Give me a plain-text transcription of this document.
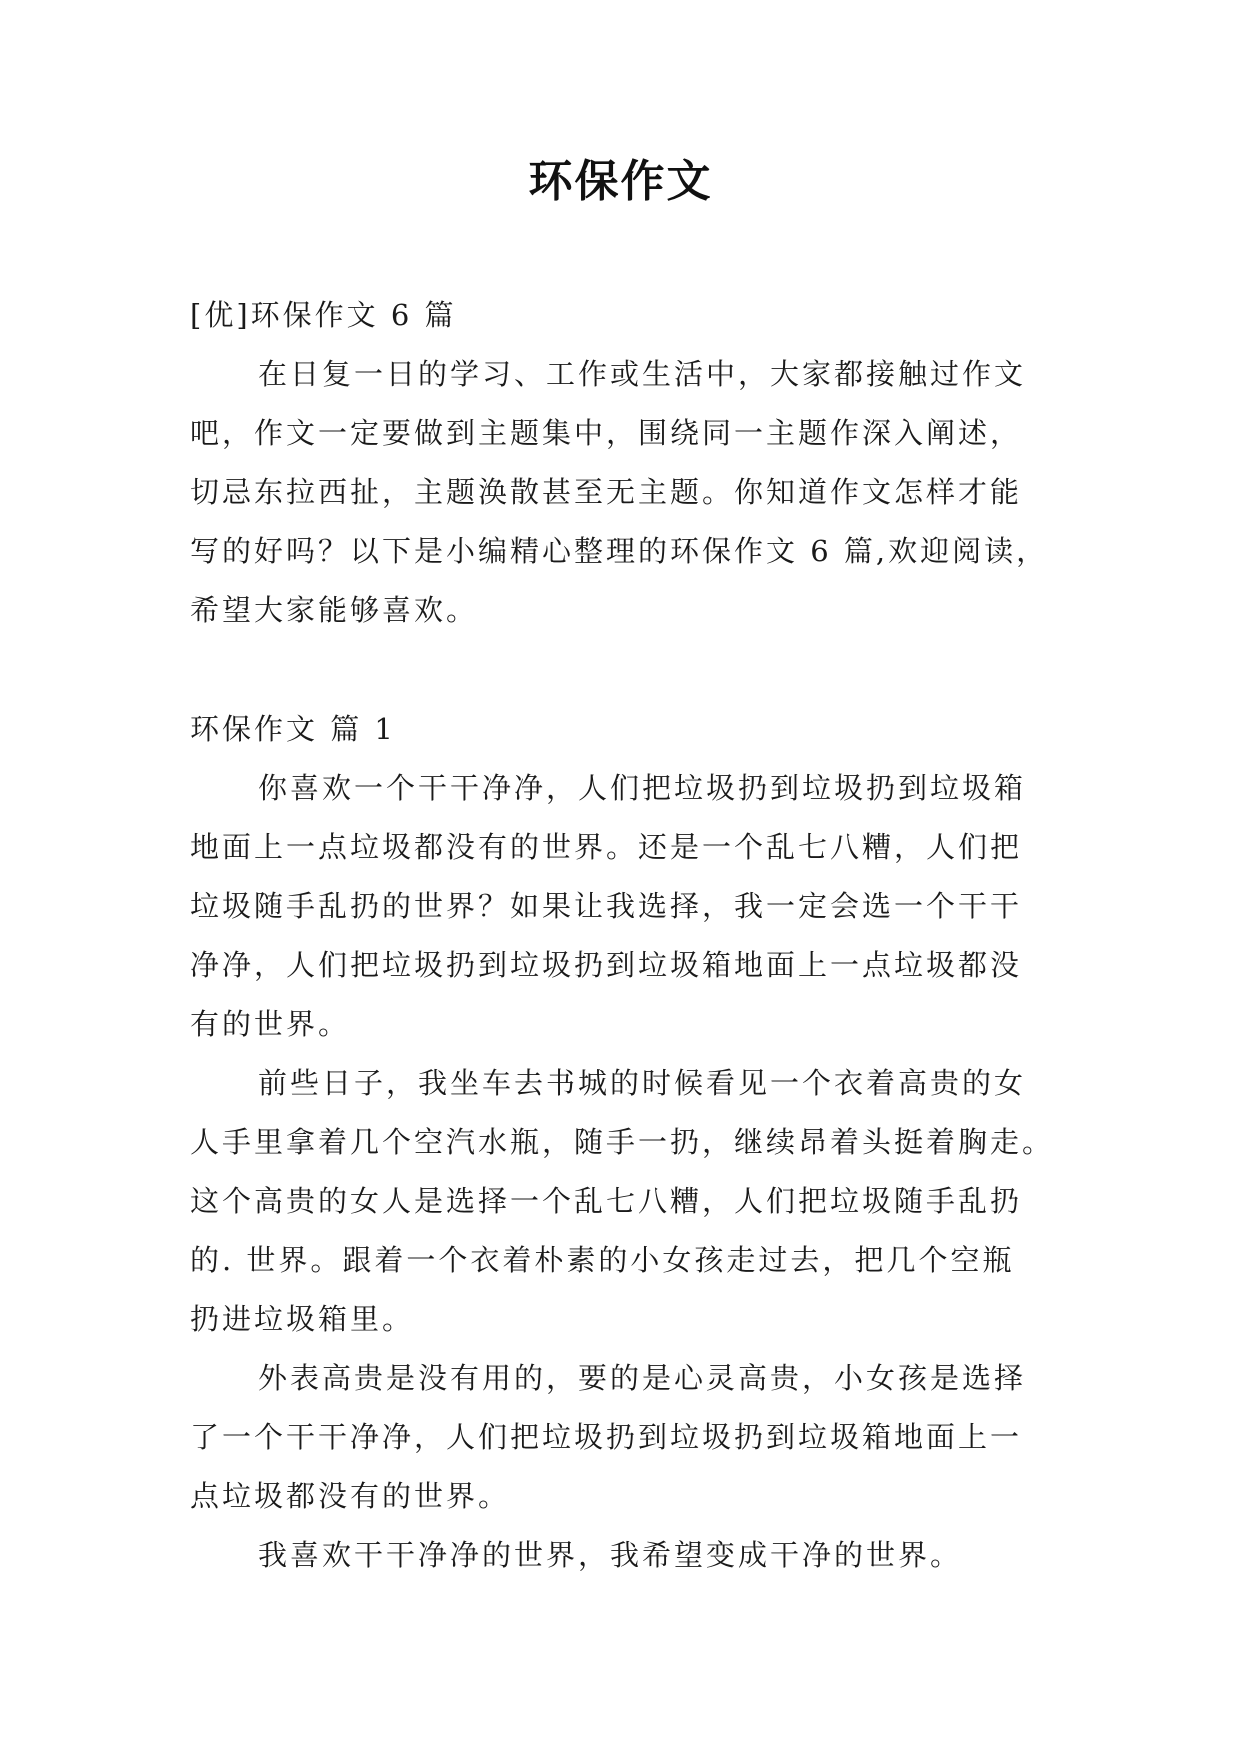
环保作文
[优]环保作文 6 篇
在日复一日的学习、工作或生活中，大家都接触过作文
吧，作文一定要做到主题集中，围绕同一主题作深入阐述，
切忌东拉西扯，主题涣散甚至无主题。你知道作文怎样才能
写的好吗？以下是小编精心整理的环保作文 6 篇,欢迎阅读，
希望大家能够喜欢。
环保作文 篇 1
你喜欢一个干干净净，人们把垃圾扔到垃圾扔到垃圾箱
地面上一点垃圾都没有的世界。还是一个乱七八糟，人们把
垃圾随手乱扔的世界？如果让我选择，我一定会选一个干干
净净，人们把垃圾扔到垃圾扔到垃圾箱地面上一点垃圾都没
有的世界。
前些日子，我坐车去书城的时候看见一个衣着高贵的女
人手里拿着几个空汽水瓶，随手一扔，继续昂着头挺着胸走。
这个高贵的女人是选择一个乱七八糟，人们把垃圾随手乱扔
的. 世界。跟着一个衣着朴素的小女孩走过去，把几个空瓶
扔进垃圾箱里。
外表高贵是没有用的，要的是心灵高贵，小女孩是选择
了一个干干净净，人们把垃圾扔到垃圾扔到垃圾箱地面上一
点垃圾都没有的世界。
我喜欢干干净净的世界，我希望变成干净的世界。
